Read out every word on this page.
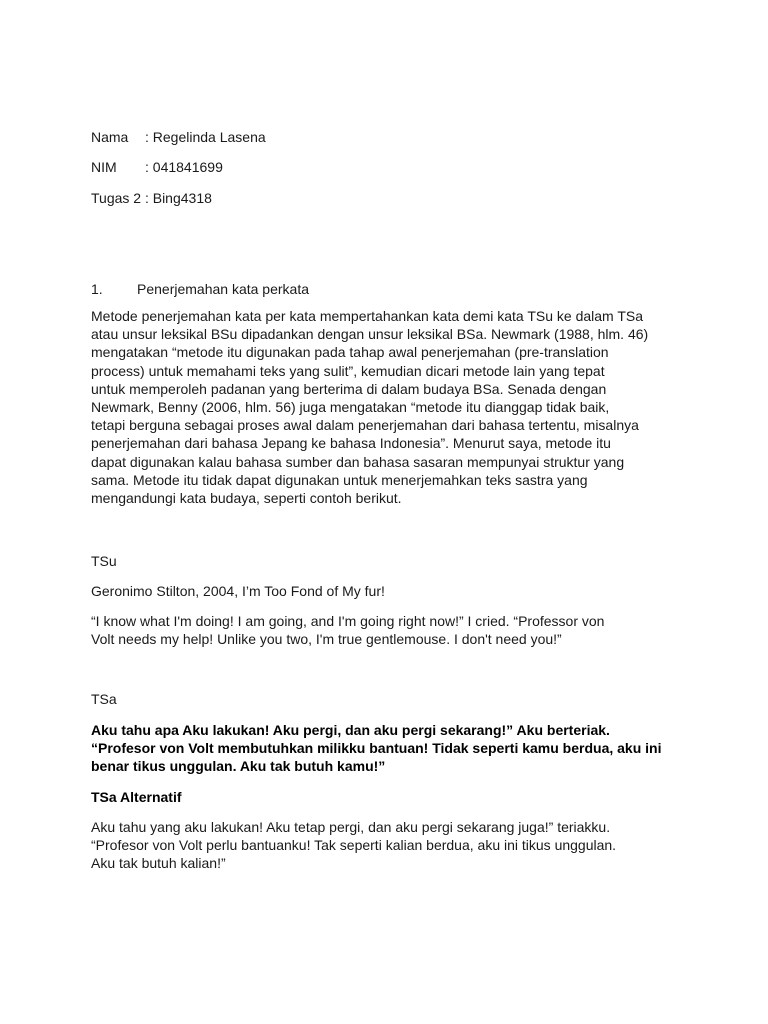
Nama : Regelinda Lasena
NIM : 041841699
Tugas 2 : Bing4318
1. Penerjemahan kata perkata

Metode penerjemahan kata per kata mempertahankan kata demi kata TSu ke dalam TSa

atau unsur leksikal BSu dipadankan dengan unsur leksikal BSa. Newmark (1988, hlm. 46)

mengatakan “metode itu digunakan pada tahap awal penerjemahan (pre-translation

process) untuk memahami teks yang sulit”, kemudian dicari metode lain yang tepat

untuk memperoleh padanan yang berterima di dalam budaya BSa. Senada dengan

Newmark, Benny (2006, hlm. 56) juga mengatakan “metode itu dianggap tidak baik,

tetapi berguna sebagai proses awal dalam penerjemahan dari bahasa tertentu, misalnya

penerjemahan dari bahasa Jepang ke bahasa Indonesia”. Menurut saya, metode itu

dapat digunakan kalau bahasa sumber dan bahasa sasaran mempunyai struktur yang

sama. Metode itu tidak dapat digunakan untuk menerjemahkan teks sastra yang

mengandungi kata budaya, seperti contoh berikut.

TSu
Geronimo Stilton, 2004, I’m Too Fond of My fur!

“I know what I'm doing! I am going, and I'm going right now!” I cried. “Professor von

Volt needs my help! Unlike you two, I'm true gentlemouse. I don't need you!”

TSa

Aku tahu apa Aku lakukan! Aku pergi, dan aku pergi sekarang!” Aku berteriak.

“Profesor von Volt membutuhkan milikku bantuan! Tidak seperti kamu berdua, aku ini

benar tikus unggulan. Aku tak butuh kamu!”

TSa Alternatif

Aku tahu yang aku lakukan! Aku tetap pergi, dan aku pergi sekarang juga!” teriakku.

“Profesor von Volt perlu bantuanku! Tak seperti kalian berdua, aku ini tikus unggulan.

Aku tak butuh kalian!”
